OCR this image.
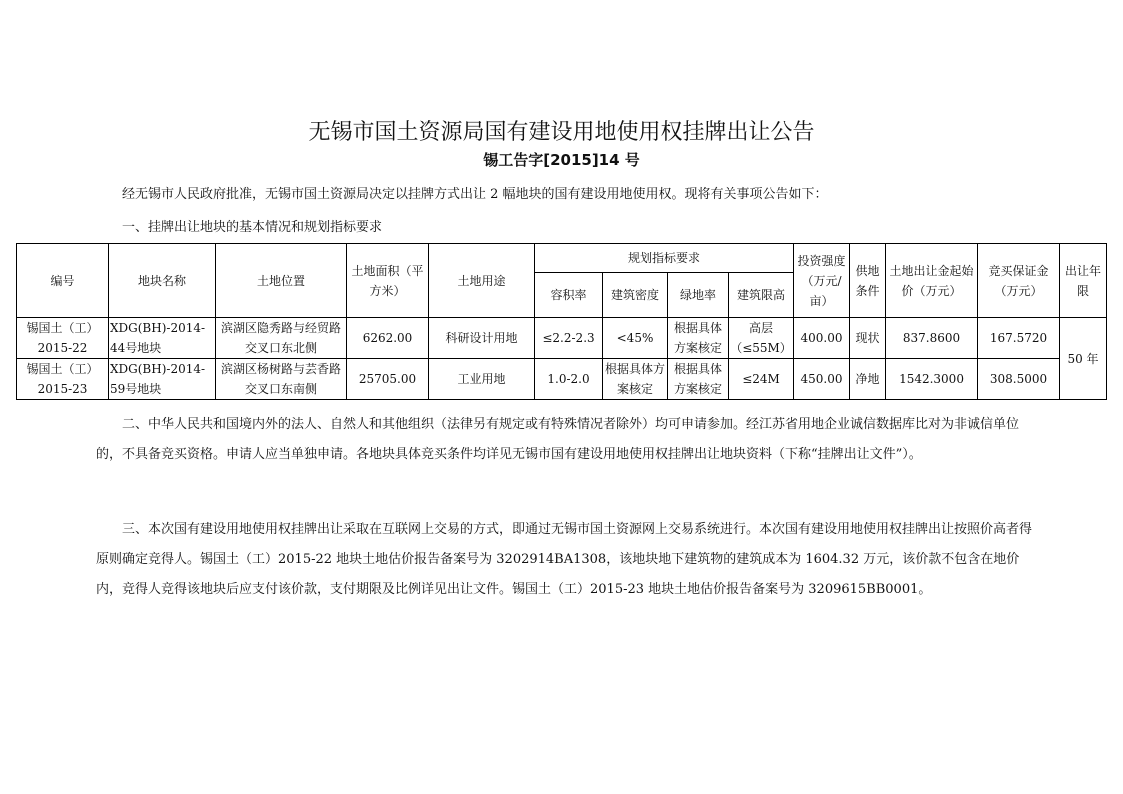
无锡市国土资源局国有建设用地使用权挂牌出让公告
锡工告字[2015]14 号
经无锡市人民政府批准，无锡市国土资源局决定以挂牌方式出让 2 幅地块的国有建设用地使用权。现将有关事项公告如下：
一、挂牌出让地块的基本情况和规划指标要求
编号	地块名称	土地位置	土地面积（平方米）	土地用途	规划指标要求				投资强度（万元/亩）	供地条件	土地出让金起始价（万元）	竞买保证金（万元）	出让年限
					容积率	建筑密度	绿地率	建筑限高					
锡国土（工）2015-22	XDG(BH)-2014-44号地块	滨湖区隐秀路与经贸路交叉口东北侧	6262.00	科研设计用地	≤2.2-2.3	<45%	根据具体方案核定	高层（≤55M）	400.00	现状	837.8600	167.5720	50 年
锡国土（工）2015-23	XDG(BH)-2014-59号地块	滨湖区杨树路与芸香路交叉口东南侧	25705.00	工业用地	1.0-2.0	根据具体方案核定	根据具体方案核定	≤24M	450.00	净地	1542.3000	308.5000	
二、中华人民共和国境内外的法人、自然人和其他组织（法律另有规定或有特殊情况者除外）均可申请参加。经江苏省用地企业诚信数据库比对为非诚信单位的，不具备竞买资格。申请人应当单独申请。各地块具体竞买条件均详见无锡市国有建设用地使用权挂牌出让地块资料（下称“挂牌出让文件”）。
三、本次国有建设用地使用权挂牌出让采取在互联网上交易的方式，即通过无锡市国土资源网上交易系统进行。本次国有建设用地使用权挂牌出让按照价高者得原则确定竞得人。锡国土（工）2015-22 地块土地估价报告备案号为 3202914BA1308，该地块地下建筑物的建筑成本为 1604.32 万元，该价款不包含在地价内，竞得人竞得该地块后应支付该价款，支付期限及比例详见出让文件。锡国土（工）2015-23 地块土地估价报告备案号为 3209615BB0001。
